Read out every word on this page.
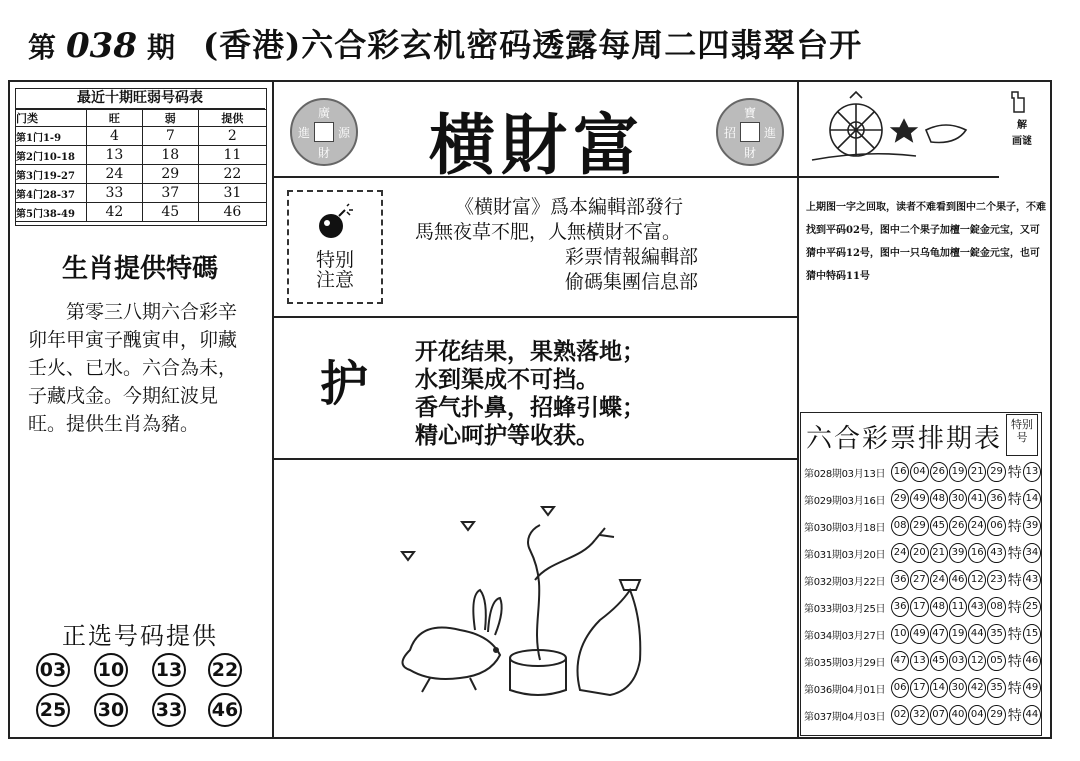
第 038 期 (香港)六合彩玄机密码透露每周二四翡翠台开
最近十期旺弱号码表
门类	旺	弱	提供
第1门1-9	4	7	2
第2门10-18	13	18	11
第3门19-27	24	29	22
第4门28-37	33	37	31
第5门38-49	42	45	46
生肖提供特碼
第零三八期六合彩辛卯年甲寅子醜寅申，卯藏壬火、已水。六合為未，子藏戌金。今期紅波見旺。提供生肖為豬。
正选号码提供
03 10 13 22
25 30 33 46
廣
進 源
財	横財富	寶
招 進
財
特别
注意
《横財富》爲本編輯部發行
馬無夜草不肥，人無横財不富。
彩票情報編輯部
偷碼集團信息部
护
开花结果，果熟落地；
水到渠成不可挡。
香气扑鼻，招蜂引蝶；
精心呵护等收获。
解
画谜
上期图一字之回取，读者不难看到图中二个果子，不难找到平码02号，图中二个果子加檀一錠金元宝，又可猜中平码12号，图中一只乌龟加檀一錠金元宝，也可猜中特码11号
六合彩票排期表 特别
号
第028期03月13日 16 04 26 19 21 29 特 13
第029期03月16日 29 49 48 30 41 36 特 14
第030期03月18日 08 29 45 26 24 06 特 39
第031期03月20日 24 20 21 39 16 43 特 34
第032期03月22日 36 27 24 46 12 23 特 43
第033期03月25日 36 17 48 11 43 08 特 25
第034期03月27日 10 49 47 19 44 35 特 15
第035期03月29日 47 13 45 03 12 05 特 46
第036期04月01日 06 17 14 30 42 35 特 49
第037期04月03日 02 32 07 40 04 29 特 44
